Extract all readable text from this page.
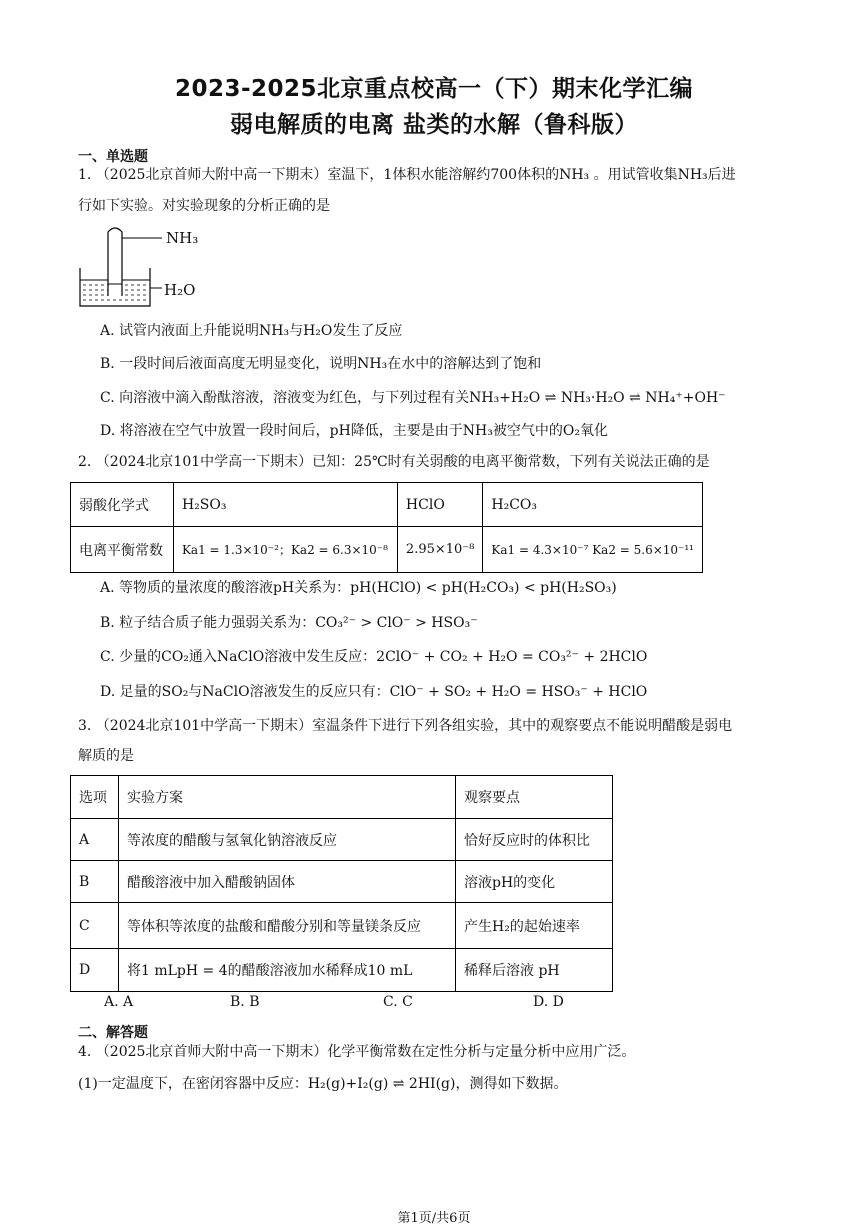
2023-2025北京重点校高一（下）期末化学汇编
弱电解质的电离 盐类的水解（鲁科版）
一、单选题
1. （2025北京首师大附中高一下期末）室温下，1体积水能溶解约700体积的NH₃ 。用试管收集NH₃后进
行如下实验。对实验现象的分析正确的是
NH₃
H₂O
A. 试管内液面上升能说明NH₃与H₂O发生了反应
B. 一段时间后液面高度无明显变化，说明NH₃在水中的溶解达到了饱和
C. 向溶液中滴入酚酞溶液，溶液变为红色，与下列过程有关NH₃+H₂O ⇌ NH₃·H₂O ⇌ NH₄⁺+OH⁻
D. 将溶液在空气中放置一段时间后，pH降低，主要是由于NH₃被空气中的O₂氧化
2. （2024北京101中学高一下期末）已知：25℃时有关弱酸的电离平衡常数，下列有关说法正确的是
弱酸化学式	H₂SO₃	HClO	H₂CO₃
电离平衡常数	Ka1 = 1.3×10⁻²；Ka2 = 6.3×10⁻⁸	2.95×10⁻⁸	Ka1 = 4.3×10⁻⁷ Ka2 = 5.6×10⁻¹¹
A. 等物质的量浓度的酸溶液pH关系为：pH(HClO) < pH(H₂CO₃) < pH(H₂SO₃)
B. 粒子结合质子能力强弱关系为：CO₃²⁻ > ClO⁻ > HSO₃⁻
C. 少量的CO₂通入NaClO溶液中发生反应：2ClO⁻ + CO₂ + H₂O = CO₃²⁻ + 2HClO
D. 足量的SO₂与NaClO溶液发生的反应只有：ClO⁻ + SO₂ + H₂O = HSO₃⁻ + HClO
3. （2024北京101中学高一下期末）室温条件下进行下列各组实验，其中的观察要点不能说明醋酸是弱电
解质的是
选项	实验方案	观察要点
A	等浓度的醋酸与氢氧化钠溶液反应	恰好反应时的体积比
B	醋酸溶液中加入醋酸钠固体	溶液pH的变化
C	等体积等浓度的盐酸和醋酸分别和等量镁条反应	产生H₂的起始速率
D	将1 mLpH = 4的醋酸溶液加水稀释成10 mL	稀释后溶液 pH
A. A	B. B	C. C	D. D
二、解答题
4. （2025北京首师大附中高一下期末）化学平衡常数在定性分析与定量分析中应用广泛。
(1)一定温度下，在密闭容器中反应：H₂(g)+I₂(g) ⇌ 2HI(g)，测得如下数据。
第1页/共6页
